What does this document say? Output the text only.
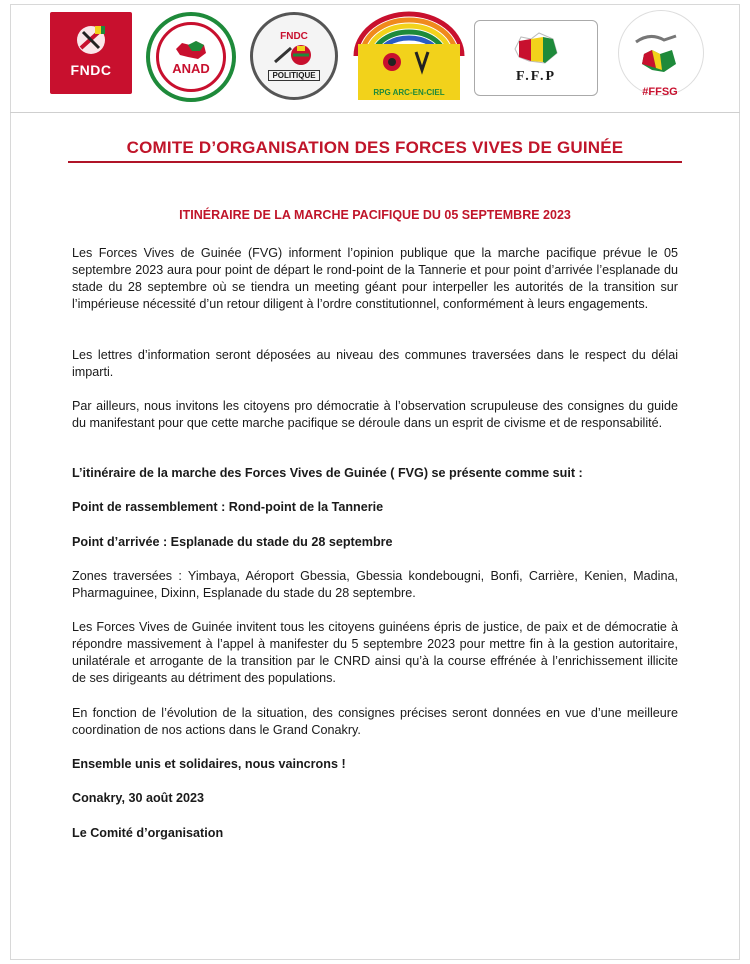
FNDC	ANAD
FNDC
POLITIQUE
RPG ARC-EN-CIEL
F.F.P
#FFSG
COMITE D’ORGANISATION DES FORCES VIVES DE GUINÉE
ITINÉRAIRE DE LA MARCHE PACIFIQUE DU 05 SEPTEMBRE 2023
Les Forces Vives de Guinée (FVG) informent l’opinion publique que la marche pacifique prévue le 05 septembre 2023 aura pour point de départ le rond-point de la Tannerie et pour point d’arrivée l’esplanade du stade du 28 septembre où se tiendra un meeting géant pour interpeller les autorités de la transition sur l’impérieuse nécessité d’un retour diligent à l’ordre constitutionnel, conformément à leurs engagements.
Les lettres d’information seront déposées au niveau des communes traversées dans le respect du délai imparti.
Par ailleurs, nous invitons les citoyens pro démocratie à l’observation scrupuleuse des consignes du guide du manifestant pour que cette marche pacifique se déroule dans un esprit de civisme et de responsabilité.
L’itinéraire de la marche des Forces Vives de Guinée ( FVG) se présente comme suit :
Point de rassemblement : Rond-point de la Tannerie
Point d’arrivée : Esplanade du stade du 28 septembre
Zones traversées : Yimbaya, Aéroport Gbessia, Gbessia kondebougni, Bonfi, Carrière, Kenien, Madina, Pharmaguinee, Dixinn, Esplanade du stade du 28 septembre.
Les Forces Vives de Guinée invitent tous les citoyens guinéens épris de justice, de paix et de démocratie à répondre massivement à l’appel à manifester du 5 septembre 2023 pour mettre fin à la gestion autoritaire, unilatérale et arrogante de la transition par le CNRD ainsi qu’à la course effrénée à l’enrichissement illicite de ses dirigeants au détriment des populations.
En fonction de l’évolution de la situation, des consignes précises seront données en vue d’une meilleure coordination de nos actions dans le Grand Conakry.
Ensemble unis et solidaires, nous vaincrons !
Conakry, 30 août 2023
Le Comité d’organisation
